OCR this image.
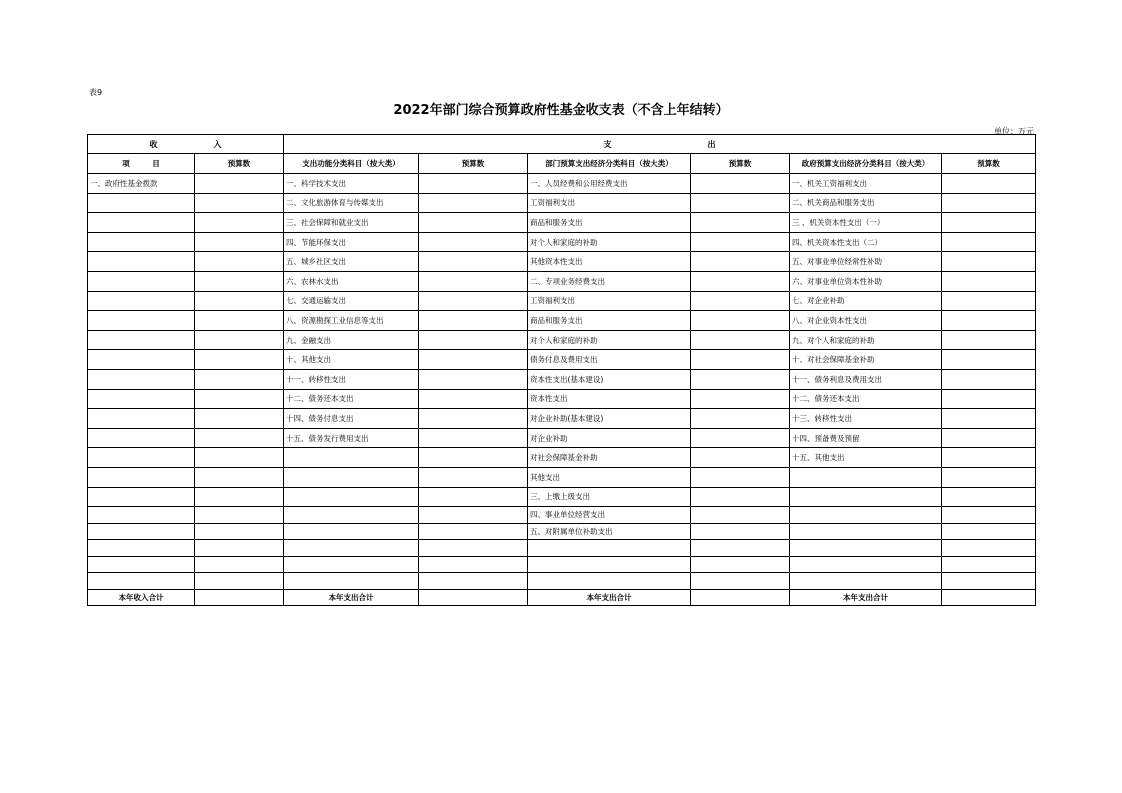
表9
2022年部门综合预算政府性基金收支表（不含上年结转）
单位：万元
收　　　　　　　入		支　　　　　　　　　　　　出					
项　　　目	预算数	支出功能分类科目（按大类）	预算数	部门预算支出经济分类科目（按大类）	预算数	政府预算支出经济分类科目（按大类）	预算数
一、政府性基金拨款		一、科学技术支出		一、人员经费和公用经费支出		一、机关工资福利支出	
		二、文化旅游体育与传媒支出		工资福利支出		二、机关商品和服务支出	
		三、社会保障和就业支出		商品和服务支出		三 、机关资本性支出（一）	
		四、节能环保支出		对个人和家庭的补助		四、机关资本性支出（二）	
		五、城乡社区支出		其他资本性支出		五、对事业单位经常性补助	
		六、农林水支出		二、专项业务经费支出		六、对事业单位资本性补助	
		七、交通运输支出		工资福利支出		七、对企业补助	
		八、资源勘探工业信息等支出		商品和服务支出		八、对企业资本性支出	
		九、金融支出		对个人和家庭的补助		九、对个人和家庭的补助	
		十、其他支出		债务付息及费用支出		十、对社会保障基金补助	
		十一、转移性支出		资本性支出(基本建设)		十一、债务利息及费用支出	
		十二、债务还本支出		资本性支出		十二、债务还本支出	
		十四、债务付息支出		对企业补助(基本建设)		十三、转移性支出	
		十五、债务发行费用支出		对企业补助		十四、预备费及预留	
				对社会保障基金补助		十五、其他支出	
				其他支出			
				三、上缴上级支出			
				四、事业单位经营支出			
				五、对附属单位补助支出			

本年收入合计		本年支出合计		本年支出合计		本年支出合计	
